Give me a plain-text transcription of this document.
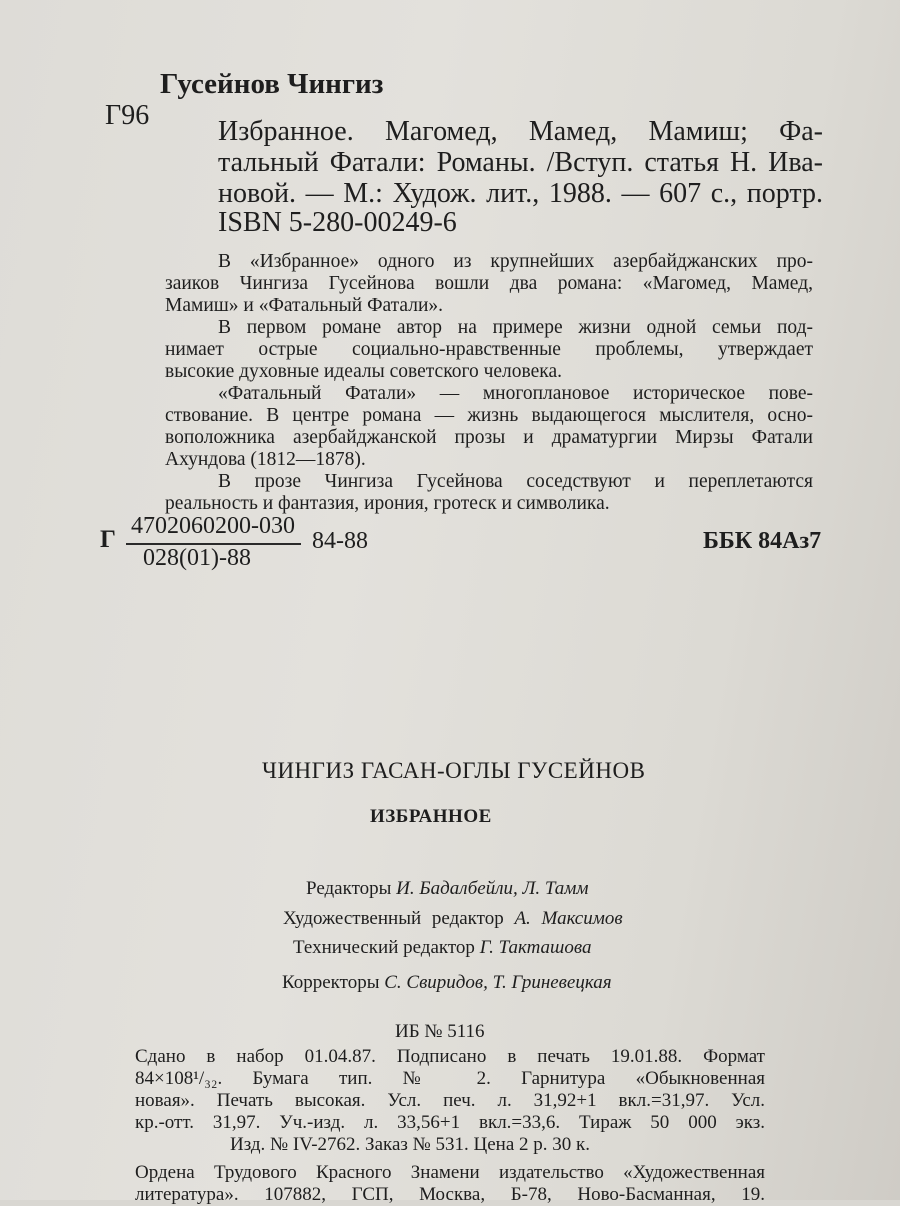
Гусейнов Чингиз
Г96
Избранное. Магомед, Мамед, Мамиш; Фа-
тальный Фатали: Романы. /Вступ. статья Н. Ива-
новой. — М.: Худож. лит., 1988. — 607 с., портр.
ISBN 5-280-00249-6
В «Избранное» одного из крупнейших азербайджанских про-
заиков Чингиза Гусейнова вошли два романа: «Магомед, Мамед,
Мамиш» и «Фатальный Фатали».
В первом романе автор на примере жизни одной семьи под-
нимает острые социально-нравственные проблемы, утверждает
высокие духовные идеалы советского человека.
«Фатальный Фатали» — многоплановое историческое пове-
ствование. В центре романа — жизнь выдающегося мыслителя, осно-
воположника азербайджанской прозы и драматургии Мирзы Фатали
Ахундова (1812—1878).
В прозе Чингиза Гусейнова соседствуют и переплетаются
реальность и фантазия, ирония, гротеск и символика.
Г 4702060200-030
028(01)-88
84-88	ББК 84Аз7
ЧИНГИЗ ГАСАН-ОГЛЫ ГУСЕЙНОВ
ИЗБРАННОЕ
Редакторы И. Бадалбейли, Л. Тамм
Художественный редактор А. Максимов
Технический редактор Г. Такташова
Корректоры С. Свиридов, Т. Гриневецкая
ИБ № 5116
Сдано в набор 01.04.87. Подписано в печать 19.01.88. Формат
84×108¹/₃₂. Бумага тип. № 2. Гарнитура «Обыкновенная
новая». Печать высокая. Усл. печ. л. 31,92+1 вкл.=31,97. Усл.
кр.-отт. 31,97. Уч.-изд. л. 33,56+1 вкл.=33,6. Тираж 50 000 экз.
Изд. № IV-2762. Заказ № 531. Цена 2 р. 30 к.
Ордена Трудового Красного Знамени издательство «Художественная
литература». 107882, ГСП, Москва, Б-78, Ново-Басманная, 19.
